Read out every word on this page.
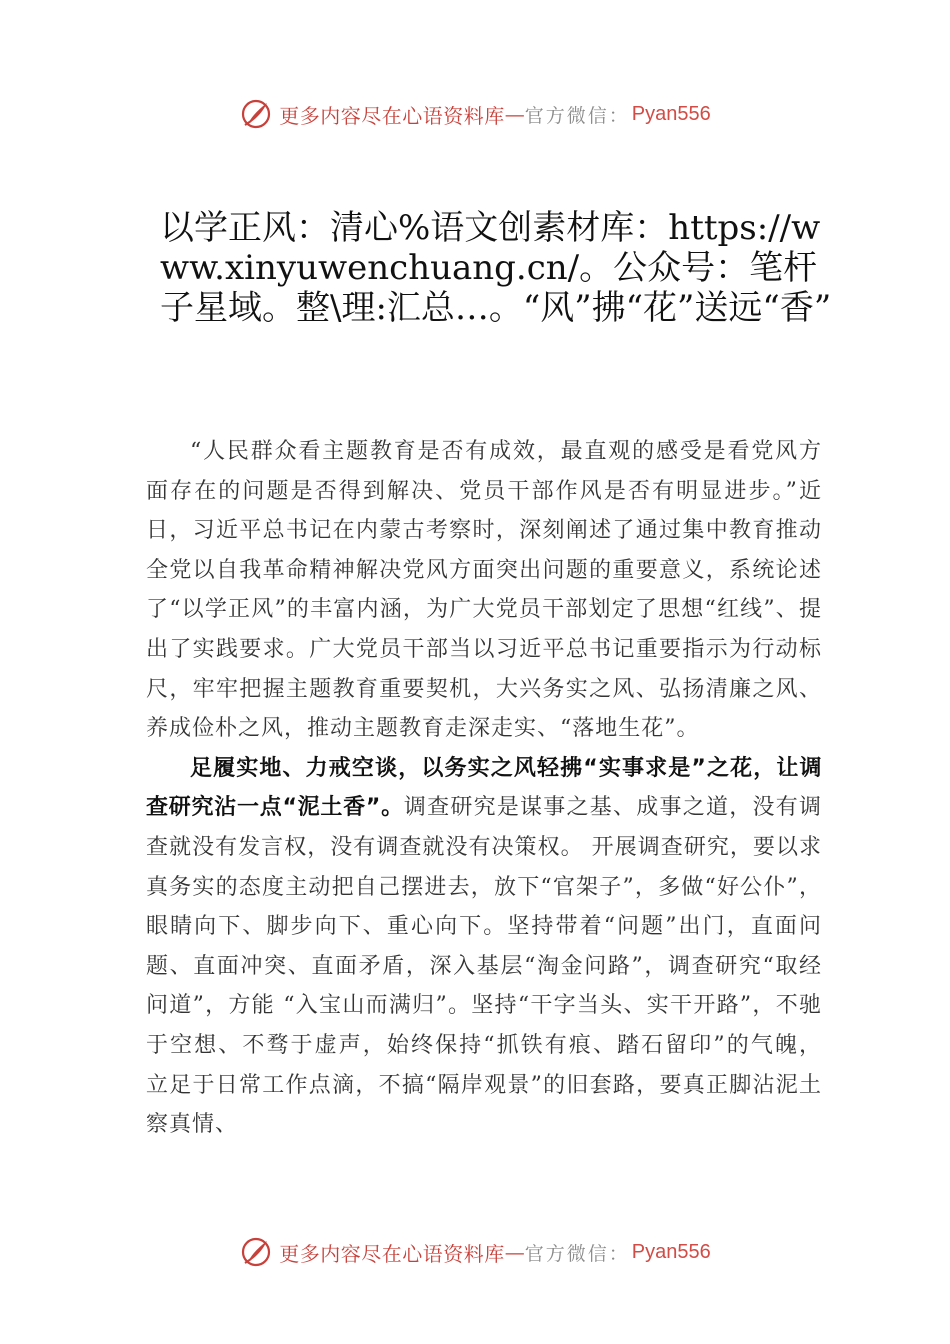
更多内容尽在心语资料库 — 官方微信 ： Pyan556
以学正风：清心%语文创素材库：https://www.xinyuwenchuang.cn/。公众号：笔杆子星域。整\理:汇总…。“风”拂“花”送远“香”

“人民群众看主题教育是否有成效，最直观的感受是看党风方面存在的问题是否得到解决、党员干部作风是否有明显进步。”近日，习近平总书记在内蒙古考察时，深刻阐述了通过集中教育推动全党以自我革命精神解决党风方面突出问题的重要意义，系统论述了“以学正风”的丰富内涵，为广大党员干部划定了思想“红线”、提出了实践要求。广大党员干部当以习近平总书记重要指示为行动标尺，牢牢把握主题教育重要契机，大兴务实之风、弘扬清廉之风、养成俭朴之风，推动主题教育走深走实、“落地生花”。

足履实地、力戒空谈，以务实之风轻拂“实事求是”之花，让调查研究沾一点“泥土香”。调查研究是谋事之基、成事之道，没有调查就没有发言权，没有调查就没有决策权。 开展调查研究，要以求真务实的态度主动把自己摆进去，放下“官架子”，多做“好公仆”，眼睛向下、脚步向下、重心向下。坚持带着“问题”出门，直面问题、直面冲突、直面矛盾，深入基层“淘金问路”，调查研究“取经问道”，方能 “入宝山而满归”。坚持“干字当头、实干开路”，不驰于空想、不骛于虚声，始终保持“抓铁有痕、踏石留印”的气魄， 立足于日常工作点滴，不搞“隔岸观景”的旧套路，要真正脚沾泥土察真情、

更多内容尽在心语资料库 — 官方微信 ： Pyan556
